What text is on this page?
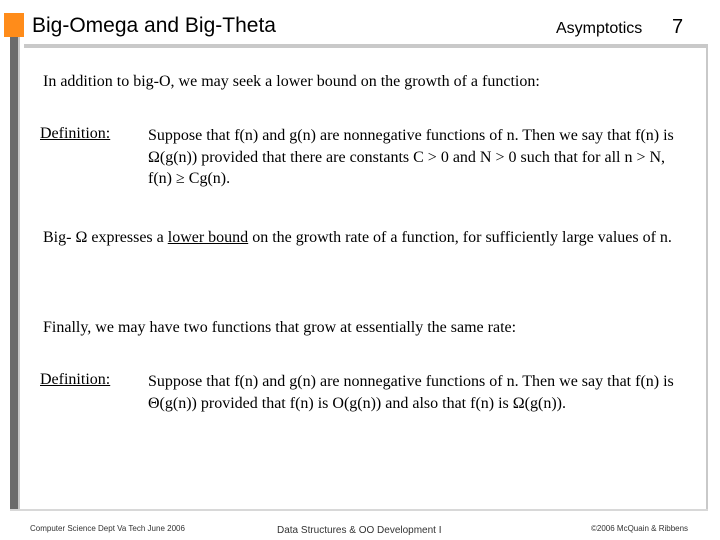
Big-Omega and Big-Theta	Asymptotics 7
In addition to big-O, we may seek a lower bound on the growth of a function:
Definition: Suppose that f(n) and g(n) are nonnegative functions of n. Then we say that f(n) is Ω(g(n)) provided that there are constants C > 0 and N > 0 such that for all n > N, f(n) ≥ Cg(n).
Big- Ω expresses a lower bound on the growth rate of a function, for sufficiently large values of n.
Finally, we may have two functions that grow at essentially the same rate:
Definition: Suppose that f(n) and g(n) are nonnegative functions of n. Then we say that f(n) is Θ(g(n)) provided that f(n) is O(g(n)) and also that f(n) is Ω(g(n)).
Computer Science Dept Va Tech June 2006	Data Structures & OO Development I	©2006 McQuain & Ribbens
